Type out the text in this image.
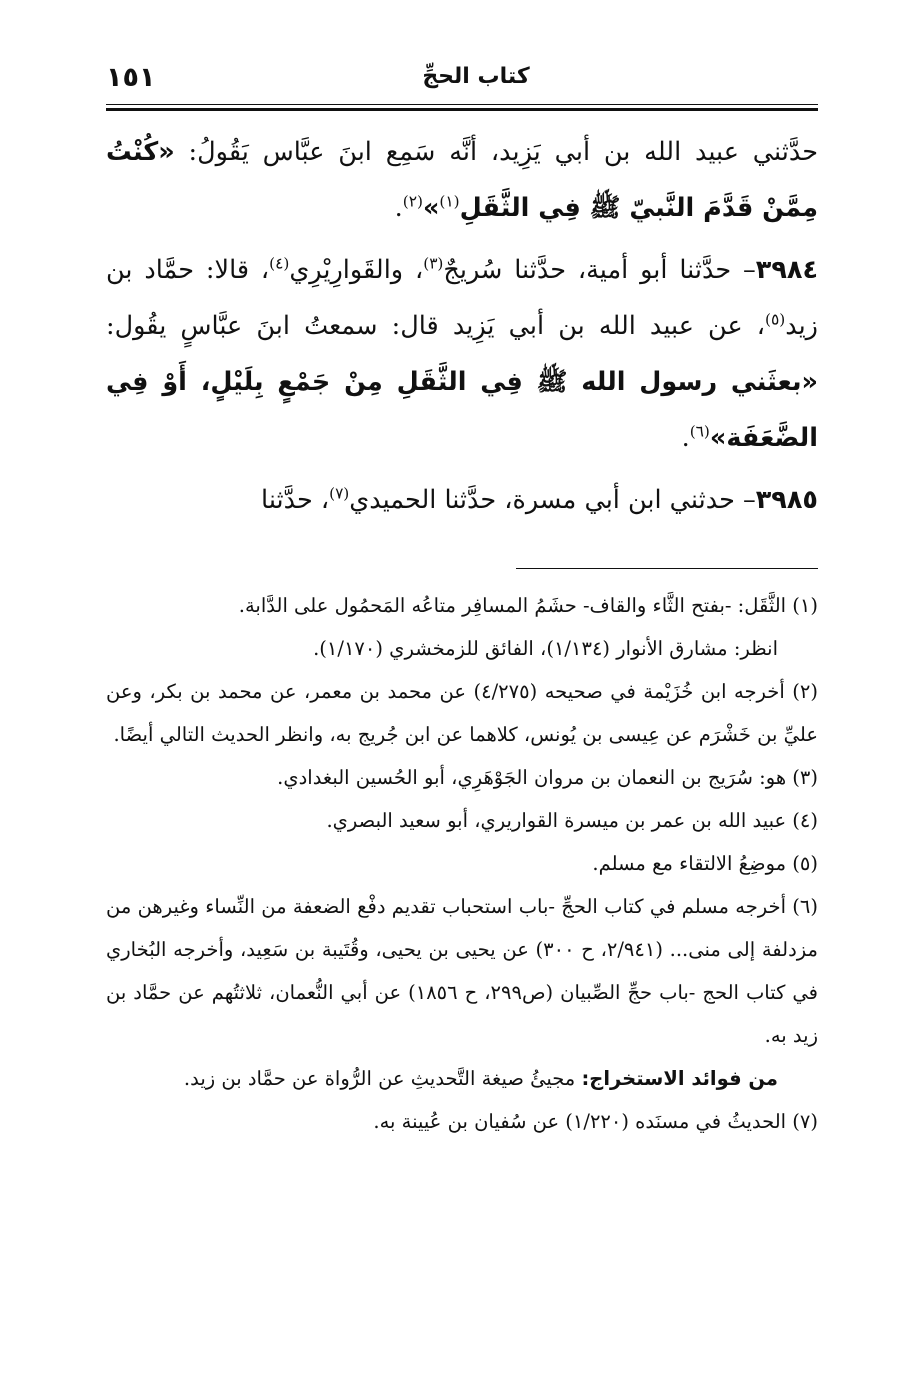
١٥١	كتاب الحجِّ

حدَّثني عبيد الله بن أبي يَزِيد، أنَّه سَمِع ابنَ عبَّاس يَقُولُ: «كُنْتُ مِمَّنْ قَدَّمَ النَّبيّ ﷺ فِي الثَّقَلِ$^{(١)}$»$^{(٢)}$.

٣٩٨٤– حدَّثنا أبو أمية، حدَّثنا سُريجٌ$^{(٣)}$، والقَوارِيْرِي$^{(٤)}$، قالا: حمَّاد بن زيد$^{(٥)}$، عن عبيد الله بن أبي يَزِيد قال: سمعتُ ابنَ عبَّاسٍ يقُول: «بعثَني رسول الله ﷺ فِي الثَّقَلِ مِنْ جَمْعٍ بِلَيْلٍ، أَوْ فِي الضَّعَفَة»$^{(٦)}$.

٣٩٨٥– حدثني ابن أبي مسرة، حدَّثنا الحميدي$^{(٧)}$، حدَّثنا

(١) الثَّقَل: -بفتح الثَّاء والقاف- حشَمُ المسافِر متاعُه المَحمُول على الدَّابة.

انظر: مشارق الأنوار (١/١٣٤)، الفائق للزمخشري (١/١٧٠).

(٢) أخرجه ابن خُزَيْمة في صحيحه (٤/٢٧٥) عن محمد بن معمر، عن محمد بن بكر، وعن عليِّ بن خَشْرَم عن عِيسى بن يُونس، كلاهما عن ابن جُريج به، وانظر الحديث التالي أيضًا.

(٣) هو: سُرَيج بن النعمان بن مروان الجَوْهَرِي، أبو الحُسين البغدادي.

(٤) عبيد الله بن عمر بن ميسرة القواريري، أبو سعيد البصري.

(٥) موضِعُ الالتقاء مع مسلم.

(٦) أخرجه مسلم في كتاب الحجِّ -باب استحباب تقديم دفْع الضعفة من النِّساء وغيرهن من مزدلفة إلى منى... (٢/٩٤١، ح ٣٠٠) عن يحيى بن يحيى، وقُتَيبة بن سَعِيد، وأخرجه البُخاري في كتاب الحج -باب حجِّ الصِّبيان (ص٢٩٩، ح ١٨٥٦) عن أبي النُّعمان، ثلاثتُهم عن حمَّاد بن زيد به.

من فوائد الاستخراج: مجيئُ صيغة التَّحديثِ عن الرُّواة عن حمَّاد بن زيد.

(٧) الحديثُ في مسنَده (١/٢٢٠) عن سُفيان بن عُيينة به.
